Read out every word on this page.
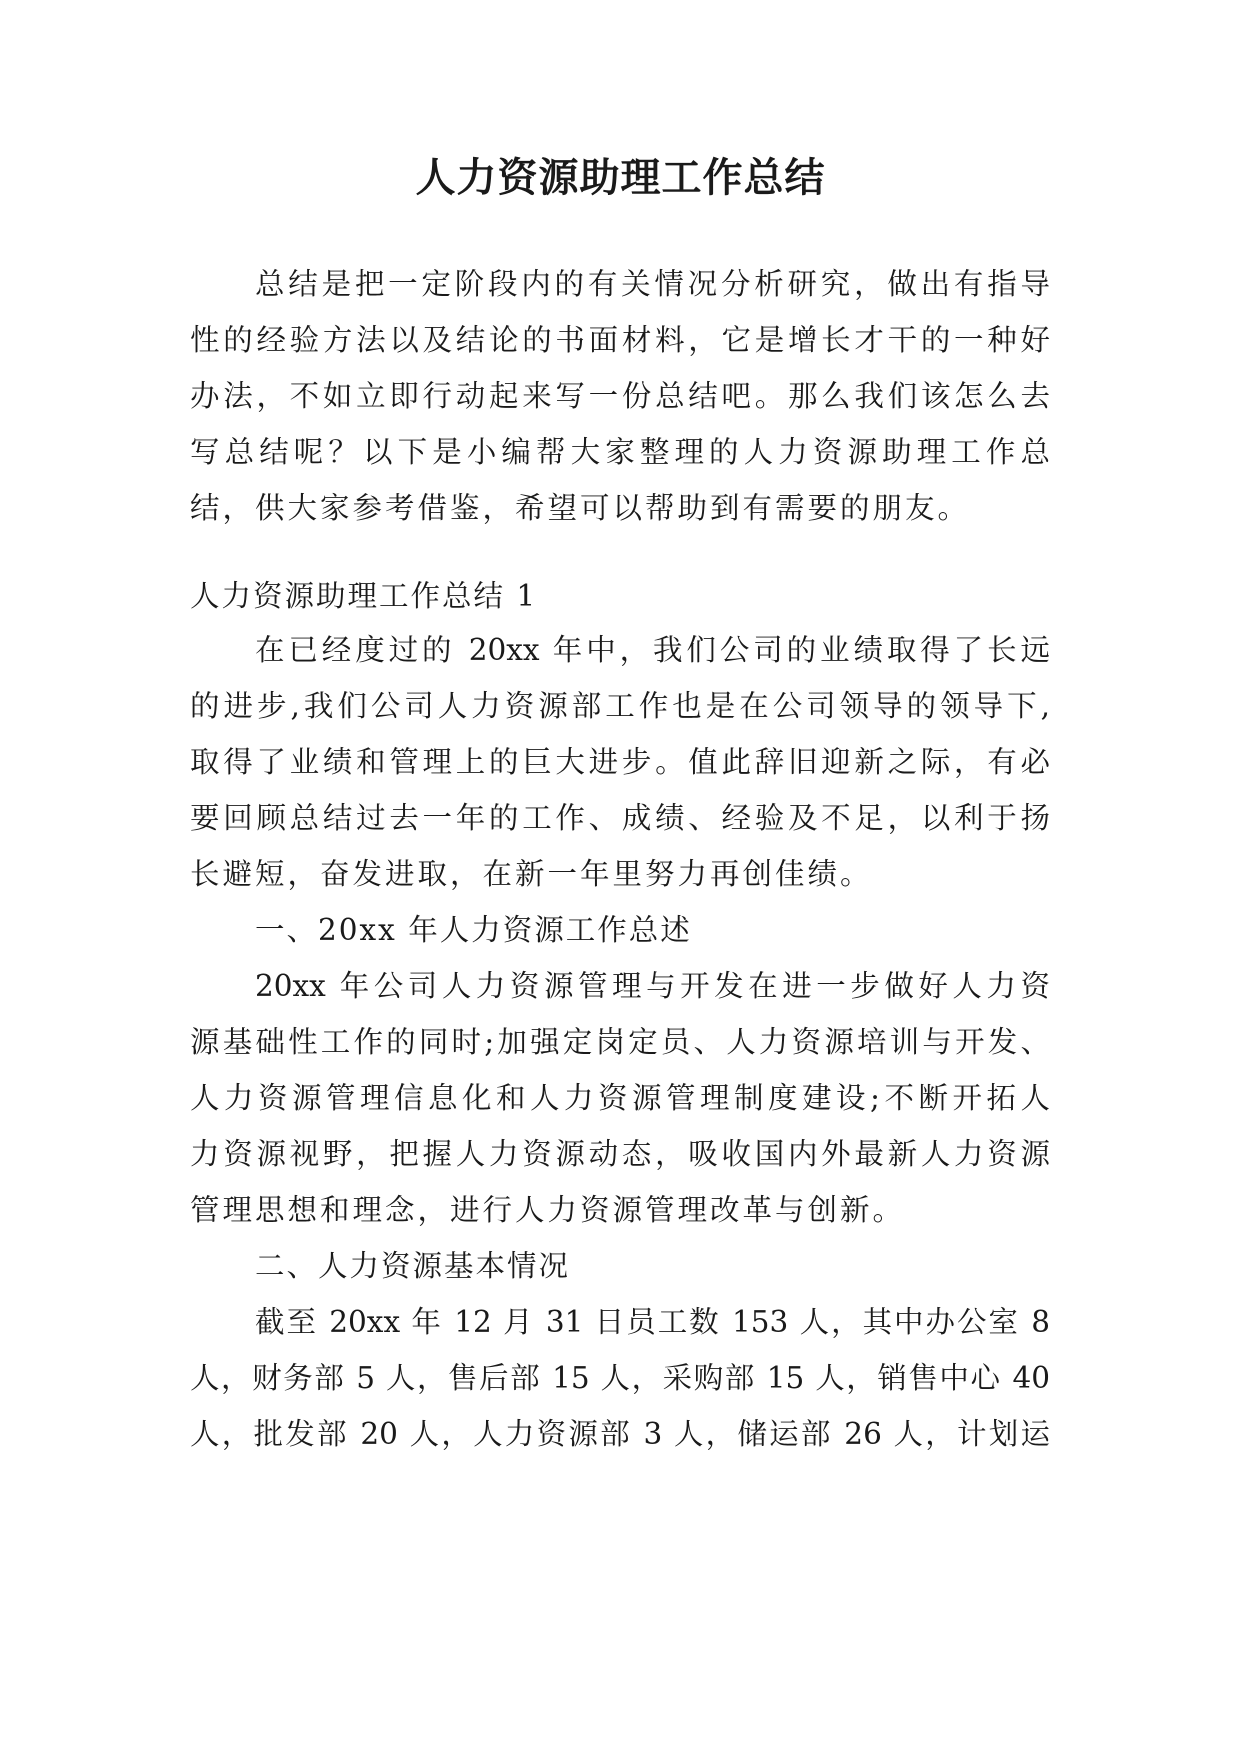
人力资源助理工作总结

总结是把一定阶段内的有关情况分析研究，做出有指导

性的经验方法以及结论的书面材料，它是增长才干的一种好

办法，不如立即行动起来写一份总结吧。那么我们该怎么去

写总结呢？以下是小编帮大家整理的人力资源助理工作总

结，供大家参考借鉴，希望可以帮助到有需要的朋友。

人力资源助理工作总结 1

在已经度过的 20xx 年中，我们公司的业绩取得了长远

的进步,我们公司人力资源部工作也是在公司领导的领导下,

取得了业绩和管理上的巨大进步。值此辞旧迎新之际，有必

要回顾总结过去一年的工作、成绩、经验及不足，以利于扬

长避短，奋发进取，在新一年里努力再创佳绩。

一、20xx 年人力资源工作总述

20xx 年公司人力资源管理与开发在进一步做好人力资

源基础性工作的同时;加强定岗定员、人力资源培训与开发、

人力资源管理信息化和人力资源管理制度建设;不断开拓人

力资源视野，把握人力资源动态，吸收国内外最新人力资源

管理思想和理念，进行人力资源管理改革与创新。

二、人力资源基本情况

截至 20xx 年 12 月 31 日员工数 153 人，其中办公室 8

人，财务部 5 人，售后部 15 人，采购部 15 人，销售中心 40

人，批发部 20 人，人力资源部 3 人，储运部 26 人，计划运
